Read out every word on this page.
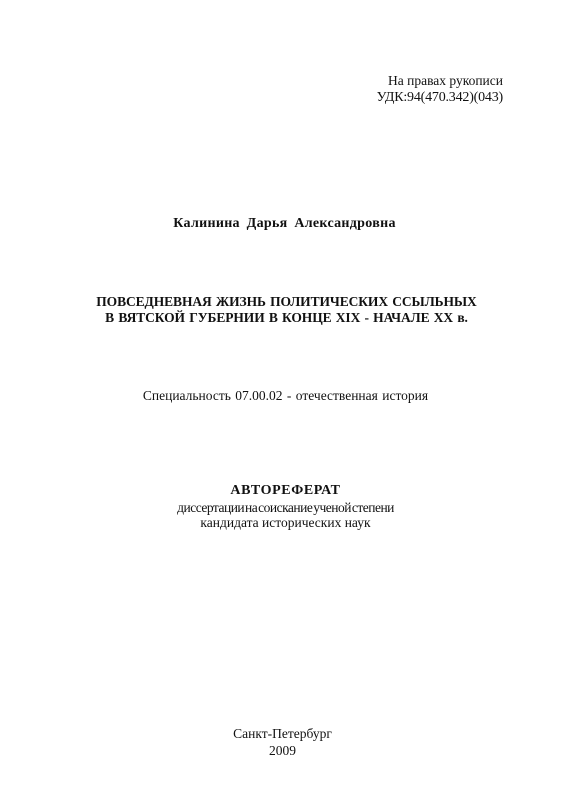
На правах рукописи
УДК:94(470.342)(043)
Калинина Дарья Александровна
ПОВСЕДНЕВНАЯ ЖИЗНЬ ПОЛИТИЧЕСКИХ ССЫЛЬНЫХ
В ВЯТСКОЙ ГУБЕРНИИ В КОНЦЕ XIX - НАЧАЛЕ XX в.
Специальность 07.00.02 - отечественная история
АВТОРЕФЕРАТ
диссертации на соискание ученой степени
кандидата исторических наук
Санкт-Петербург
2009
